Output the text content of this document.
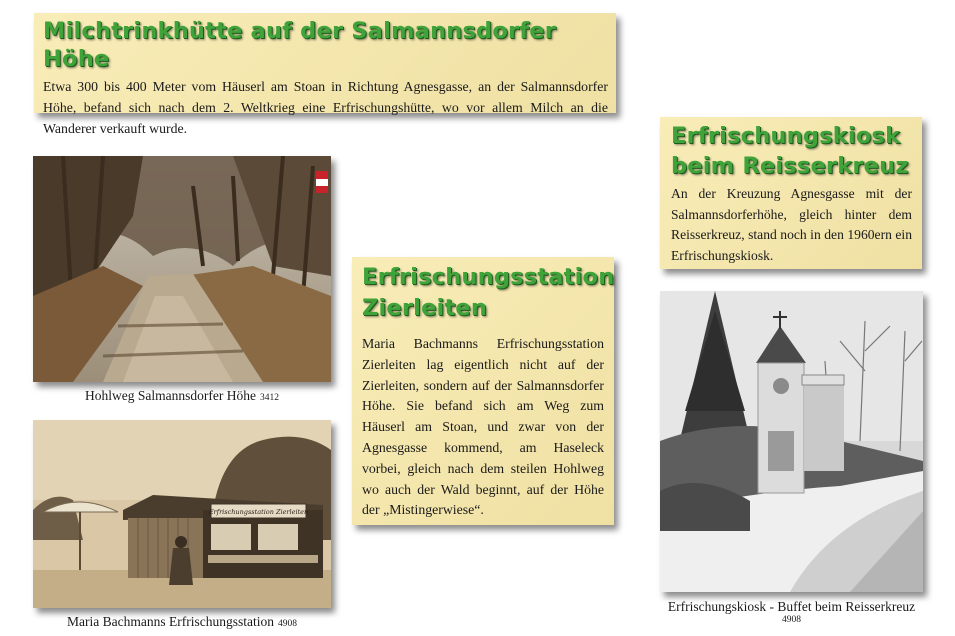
Milchtrinkhütte auf der Salmannsdorfer Höhe

Etwa 300 bis 400 Meter vom Häuserl am Stoan in Richtung Agnesgasse, an der Salmannsdorfer Höhe, befand sich nach dem 2. Weltkrieg eine Erfrischungshütte, wo vor allem Milch an die Wanderer verkauft wurde.	Erfrischungskiosk
beim Reisserkreuz

An der Kreuzung Agnesgasse mit der Salmannsdorferhöhe, gleich hinter dem Reisserkreuz, stand noch in den 1960ern ein Erfrischungskiosk.

Erfrischungsstation
Zierleiten

Maria Bachmanns Erfrischungsstation Zierleiten lag eigentlich nicht auf der Zierleiten, sondern auf der Salmannsdorfer Höhe. Sie befand sich am Weg zum Häuserl am Stoan, und zwar von der Agnesgasse kommend, am Haseleck vorbei, gleich nach dem steilen Hohlweg wo auch der Wald beginnt, auf der Höhe der „Mistingerwiese“.

Hohlweg Salmannsdorfer Höhe 3412
Erfrischungsstation Zierleiten
Maria Bachmanns Erfrischungsstation 4908
Erfrischungskiosk - Buffet beim Reisserkreuz
4908
